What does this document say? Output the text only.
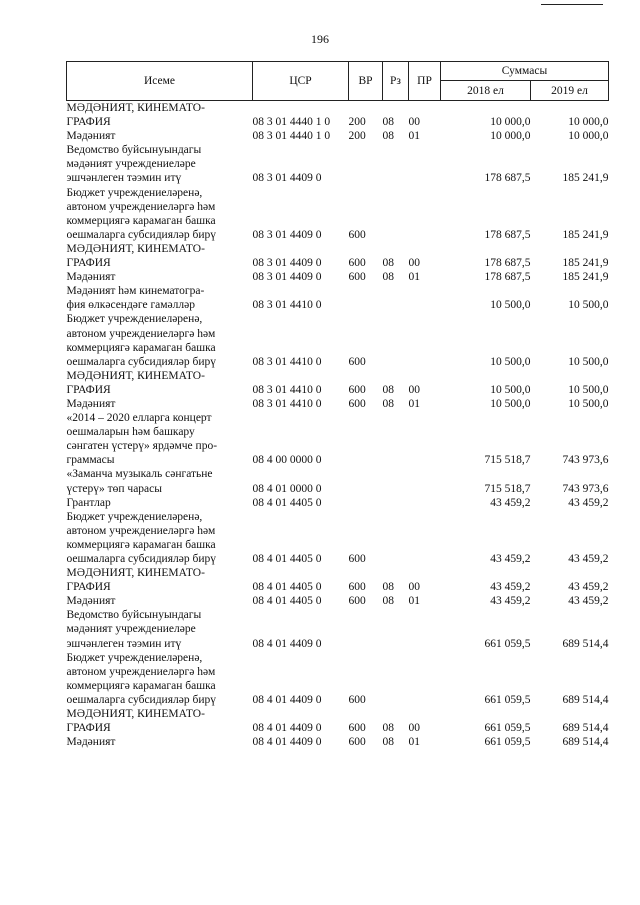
196
Исеме	ЦСР	ВР	Рз	ПР	Суммасы	
					2018 ел	2019 ел
МӘДӘНИЯТ, КИНЕМАТО-
ГРАФИЯ	08 3 01 4440 1 0	200	08	00	10 000,0	10 000,0
Мәдәният	08 3 01 4440 1 0	200	08	01	10 000,0	10 000,0
Ведомство буйсынуындагы
мәдәният учреждениеләре
эшчәнлеген тәэмин итү	08 3 01 4409 0				178 687,5	185 241,9
Бюджет учреждениеләренә,
автоном учреждениеләргә һәм
коммерциягә карамаган башка
оешмаларга субсидияләр бирү	08 3 01 4409 0	600			178 687,5	185 241,9
МӘДӘНИЯТ, КИНЕМАТО-
ГРАФИЯ	08 3 01 4409 0	600	08	00	178 687,5	185 241,9
Мәдәният	08 3 01 4409 0	600	08	01	178 687,5	185 241,9
Мәдәният һәм кинематогра-
фия өлкәсендәге гамәлләр	08 3 01 4410 0				10 500,0	10 500,0
Бюджет учреждениеләренә,
автоном учреждениеләргә һәм
коммерциягә карамаган башка
оешмаларга субсидияләр бирү	08 3 01 4410 0	600			10 500,0	10 500,0
МӘДӘНИЯТ, КИНЕМАТО-
ГРАФИЯ	08 3 01 4410 0	600	08	00	10 500,0	10 500,0
Мәдәният	08 3 01 4410 0	600	08	01	10 500,0	10 500,0
«2014 – 2020 елларга концерт
оешмаларын һәм башкару
сәнгатен үстерү» ярдәмче про-
граммасы	08 4 00 0000 0				715 518,7	743 973,6
«Заманча музыкаль сәнгатьне
үстерү» төп чарасы	08 4 01 0000 0				715 518,7	743 973,6
Грантлар	08 4 01 4405 0				43 459,2	43 459,2
Бюджет учреждениеләренә,
автоном учреждениеләргә һәм
коммерциягә карамаган башка
оешмаларга субсидияләр бирү	08 4 01 4405 0	600			43 459,2	43 459,2
МӘДӘНИЯТ, КИНЕМАТО-
ГРАФИЯ	08 4 01 4405 0	600	08	00	43 459,2	43 459,2
Мәдәният	08 4 01 4405 0	600	08	01	43 459,2	43 459,2
Ведомство буйсынуындагы
мәдәният учреждениеләре
эшчәнлеген тәэмин итү	08 4 01 4409 0				661 059,5	689 514,4
Бюджет учреждениеләренә,
автоном учреждениеләргә һәм
коммерциягә карамаган башка
оешмаларга субсидияләр бирү	08 4 01 4409 0	600			661 059,5	689 514,4
МӘДӘНИЯТ, КИНЕМАТО-
ГРАФИЯ	08 4 01 4409 0	600	08	00	661 059,5	689 514,4
Мәдәният	08 4 01 4409 0	600	08	01	661 059,5	689 514,4
